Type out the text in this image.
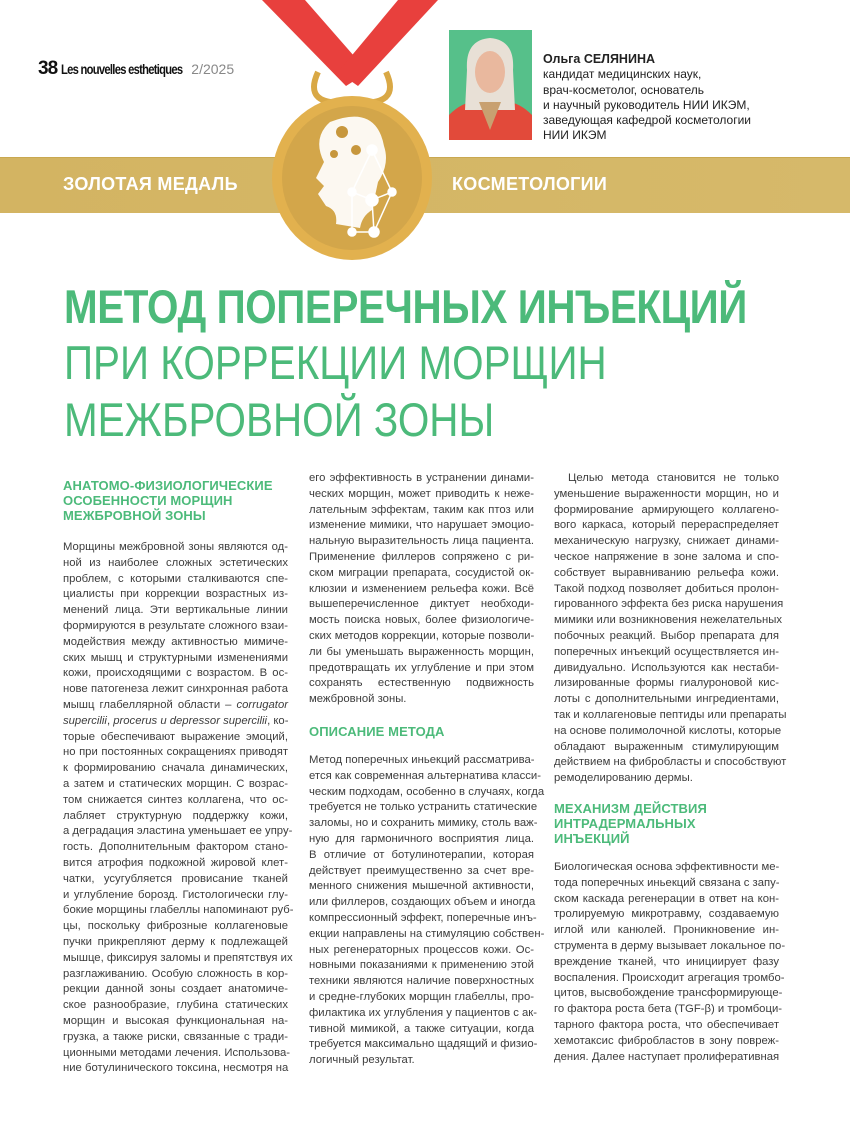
38 Les nouvelles esthetiques 2/2025
ЗОЛОТАЯ МЕДАЛЬ	КОСМЕТОЛОГИИ
Ольга СЕЛЯНИНА
кандидат медицинских наук,
врач-косметолог, основатель
и научный руководитель НИИ ИКЭМ,
заведующая кафедрой косметологии
НИИ ИКЭМ
МЕТОД ПОПЕРЕЧНЫХ ИНЪЕКЦИЙ
ПРИ КОРРЕКЦИИ МОРЩИН
МЕЖБРОВНОЙ ЗОНЫ
АНАТОМО-ФИЗИОЛОГИЧЕСКИЕ
ОСОБЕННОСТИ МОРЩИН
МЕЖБРОВНОЙ ЗОНЫ
Морщины межбровной зоны являются од-
ной из наиболее сложных эстетических
проблем, с которыми сталкиваются спе-
циалисты при коррекции возрастных из-
менений лица. Эти вертикальные линии
формируются в результате сложного взаи-
модействия между активностью мимиче-
ских мышц и структурными изменениями
кожи, происходящими с возрастом. В ос-
нове патогенеза лежит синхронная работа
мышц глабеллярной области – corrugator
supercilii, procerus и depressor supercilii, ко-
торые обеспечивают выражение эмоций,
но при постоянных сокращениях приводят
к формированию сначала динамических,
а затем и статических морщин. С возрас-
том снижается синтез коллагена, что ос-
лабляет структурную поддержку кожи,
а деградация эластина уменьшает ее упру-
гость. Дополнительным фактором стано-
вится атрофия подкожной жировой клет-
чатки, усугубляется провисание тканей
и углубление борозд. Гистологически глу-
бокие морщины глабеллы напоминают руб-
цы, поскольку фиброзные коллагеновые
пучки прикрепляют дерму к подлежащей
мышце, фиксируя заломы и препятствуя их
разглаживанию. Особую сложность в кор-
рекции данной зоны создает анатомиче-
ское разнообразие, глубина статических
морщин и высокая функциональная на-
грузка, а также риски, связанные с тради-
ционными методами лечения. Использова-
ние ботулинического токсина, несмотря на
его эффективность в устранении динами-
ческих морщин, может приводить к неже-
лательным эффектам, таким как птоз или
изменение мимики, что нарушает эмоцио-
нальную выразительность лица пациента.
Применение филлеров сопряжено с ри-
ском миграции препарата, сосудистой ок-
клюзии и изменением рельефа кожи. Всё
вышеперечисленное диктует необходи-
мость поиска новых, более физиологиче-
ских методов коррекции, которые позволи-
ли бы уменьшать выраженность морщин,
предотвращать их углубление и при этом
сохранять естественную подвижность
межбровной зоны.
ОПИСАНИЕ МЕТОДА
Метод поперечных иньекций рассматрива-
ется как современная альтернатива класси-
ческим подходам, особенно в случаях, когда
требуется не только устранить статические
заломы, но и сохранить мимику, столь важ-
ную для гармоничного восприятия лица.
В отличие от ботулинотерапии, которая
действует преимущественно за счет вре-
менного снижения мышечной активности,
или филлеров, создающих объем и иногда
компрессионный эффект, поперечные инъ-
екции направлены на стимуляцию собствен-
ных регенераторных процессов кожи. Ос-
новными показаниями к применению этой
техники являются наличие поверхностных
и средне-глубоких морщин глабеллы, про-
филактика их углубления у пациентов с ак-
тивной мимикой, а также ситуации, когда
требуется максимально щадящий и физио-
логичный результат.
Целью метода становится не только
уменьшение выраженности морщин, но и
формирование армирующего коллагено-
вого каркаса, который перераспределяет
механическую нагрузку, снижает динами-
ческое напряжение в зоне залома и спо-
собствует выравниванию рельефа кожи.
Такой подход позволяет добиться пролон-
гированного эффекта без риска нарушения
мимики или возникновения нежелательных
побочных реакций. Выбор препарата для
поперечных инъекций осуществляется ин-
дивидуально. Используются как нестаби-
лизированные формы гиалуроновой кис-
лоты с дополнительными ингредиентами,
так и коллагеновые пептиды или препараты
на основе полимолочной кислоты, которые
обладают выраженным стимулирующим
действием на фибробласты и способствуют
ремоделированию дермы.
МЕХАНИЗМ ДЕЙСТВИЯ
ИНТРАДЕРМАЛЬНЫХ
ИНЪЕКЦИЙ
Биологическая основа эффективности ме-
тода поперечных иньекций связана с запу-
ском каскада регенерации в ответ на кон-
тролируемую микротравму, создаваемую
иглой или канюлей. Проникновение ин-
струмента в дерму вызывает локальное по-
вреждение тканей, что инициирует фазу
воспаления. Происходит агрегация тромбо-
цитов, высвобождение трансформирующе-
го фактора роста бета (TGF-β) и тромбоци-
тарного фактора роста, что обеспечивает
хемотаксис фибробластов в зону повреж-
дения. Далее наступает пролиферативная
